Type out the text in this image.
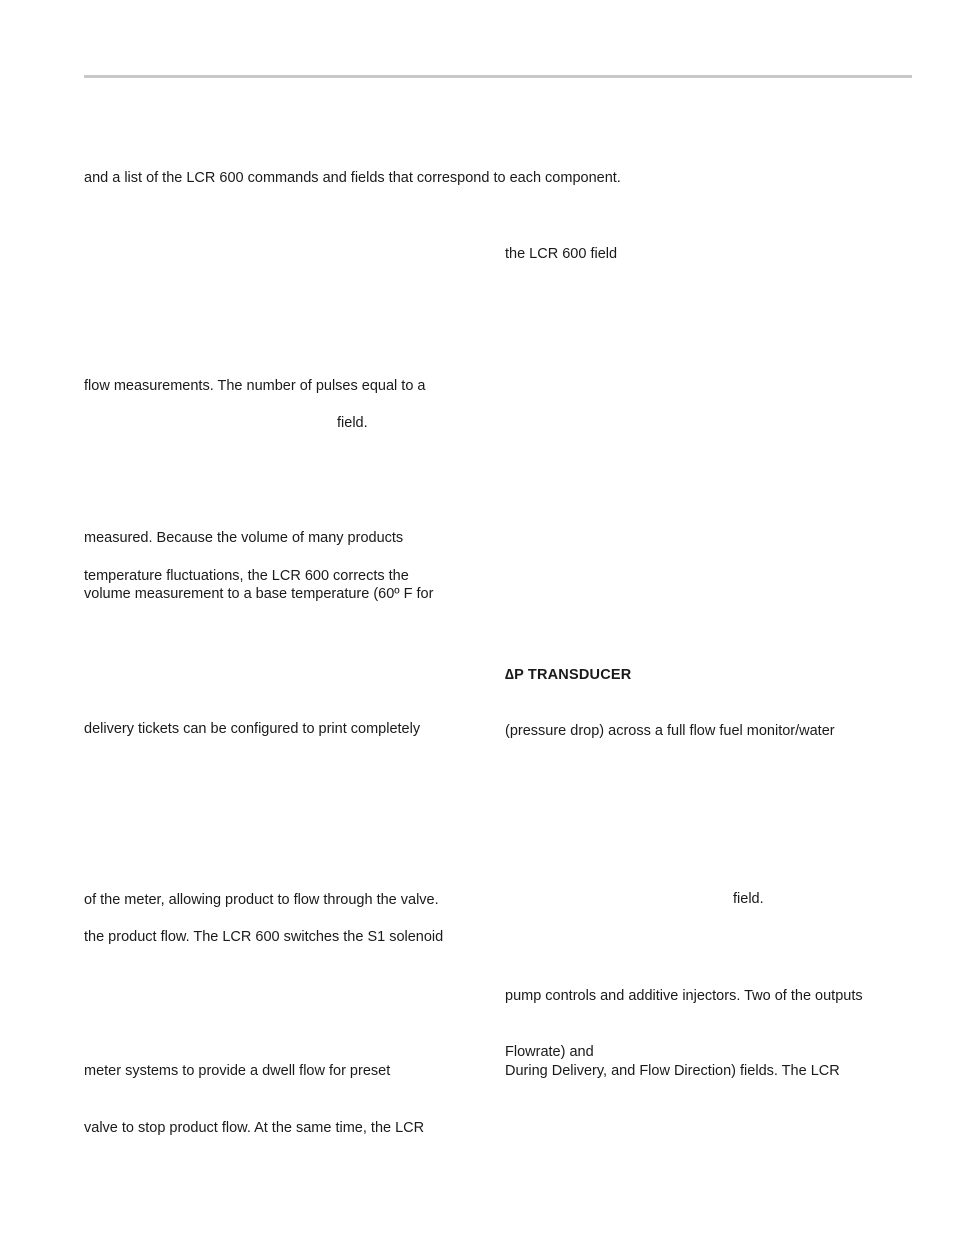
and a list of the LCR 600 commands and fields that correspond to each component.
flow measurements. The number of pulses equal to a
field.
measured. Because the volume of many products
temperature fluctuations, the LCR 600 corrects the
volume measurement to a base temperature (60º F for
delivery tickets can be configured to print completely
of the meter, allowing product to flow through the valve.
the product flow. The LCR 600 switches the S1 solenoid
meter systems to provide a dwell flow for preset
valve to stop product flow. At the same time, the LCR
the LCR 600 field
∆P TRANSDUCER
(pressure drop) across a full flow fuel monitor/water
field.
pump controls and additive injectors. Two of the outputs
Flowrate) and
During Delivery, and Flow Direction) fields. The LCR
